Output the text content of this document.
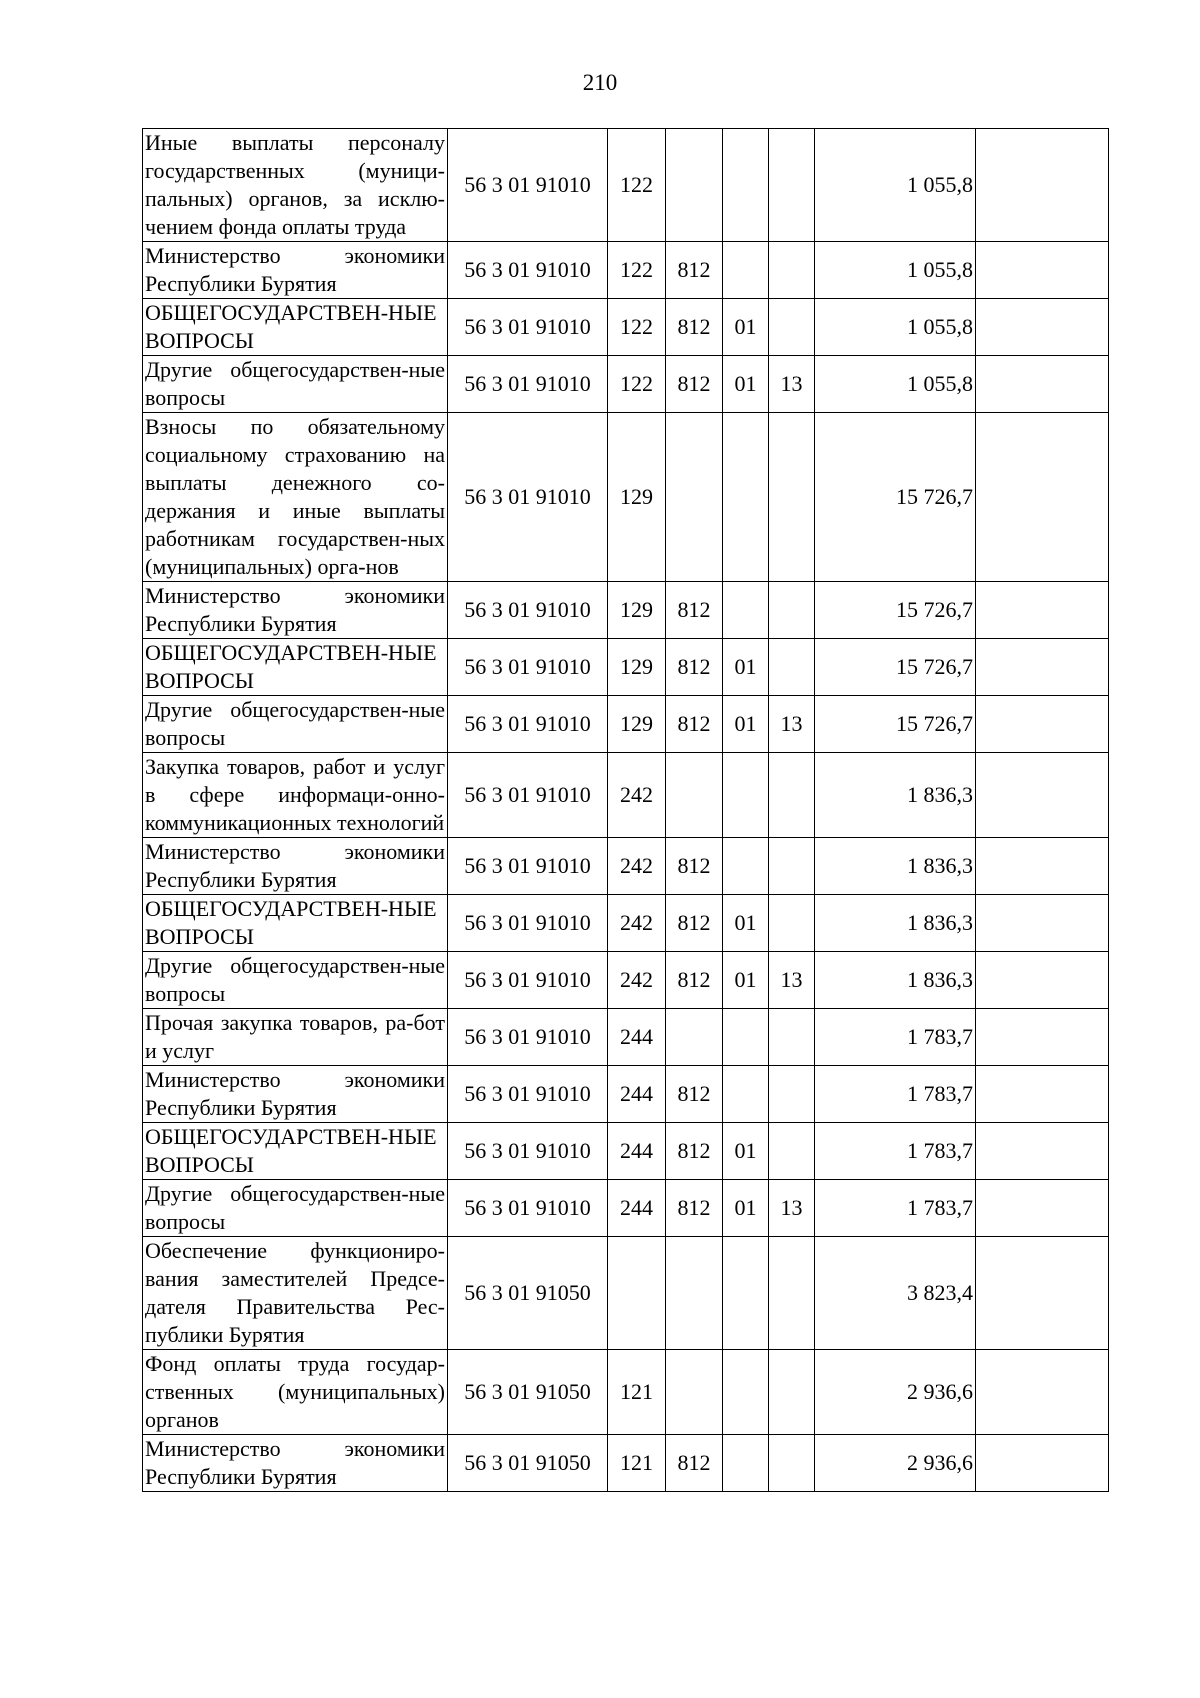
210
Иные выплаты персоналу государственных (муници-пальных) органов, за исклю-чением фонда оплаты труда	56 3 01 91010	122				1 055,8	
Министерство экономики Республики Бурятия	56 3 01 91010	122	812			1 055,8	
ОБЩЕГОСУДАРСТВЕН-НЫЕ ВОПРОСЫ	56 3 01 91010	122	812	01		1 055,8	
Другие общегосударствен-ные вопросы	56 3 01 91010	122	812	01	13	1 055,8	
Взносы по обязательному социальному страхованию на выплаты денежного со-держания и иные выплаты работникам государствен-ных (муниципальных) орга-нов	56 3 01 91010	129				15 726,7	
Министерство экономики Республики Бурятия	56 3 01 91010	129	812			15 726,7	
ОБЩЕГОСУДАРСТВЕН-НЫЕ ВОПРОСЫ	56 3 01 91010	129	812	01		15 726,7	
Другие общегосударствен-ные вопросы	56 3 01 91010	129	812	01	13	15 726,7	
Закупка товаров, работ и услуг в сфере информаци-онно-коммуникационных технологий	56 3 01 91010	242				1 836,3	
Министерство экономики Республики Бурятия	56 3 01 91010	242	812			1 836,3	
ОБЩЕГОСУДАРСТВЕН-НЫЕ ВОПРОСЫ	56 3 01 91010	242	812	01		1 836,3	
Другие общегосударствен-ные вопросы	56 3 01 91010	242	812	01	13	1 836,3	
Прочая закупка товаров, ра-бот и услуг	56 3 01 91010	244				1 783,7	
Министерство экономики Республики Бурятия	56 3 01 91010	244	812			1 783,7	
ОБЩЕГОСУДАРСТВЕН-НЫЕ ВОПРОСЫ	56 3 01 91010	244	812	01		1 783,7	
Другие общегосударствен-ные вопросы	56 3 01 91010	244	812	01	13	1 783,7	
Обеспечение функциониро-вания заместителей Предсе-дателя Правительства Рес-публики Бурятия	56 3 01 91050					3 823,4	
Фонд оплаты труда государ-ственных (муниципальных) органов	56 3 01 91050	121				2 936,6	
Министерство экономики Республики Бурятия	56 3 01 91050	121	812			2 936,6	
